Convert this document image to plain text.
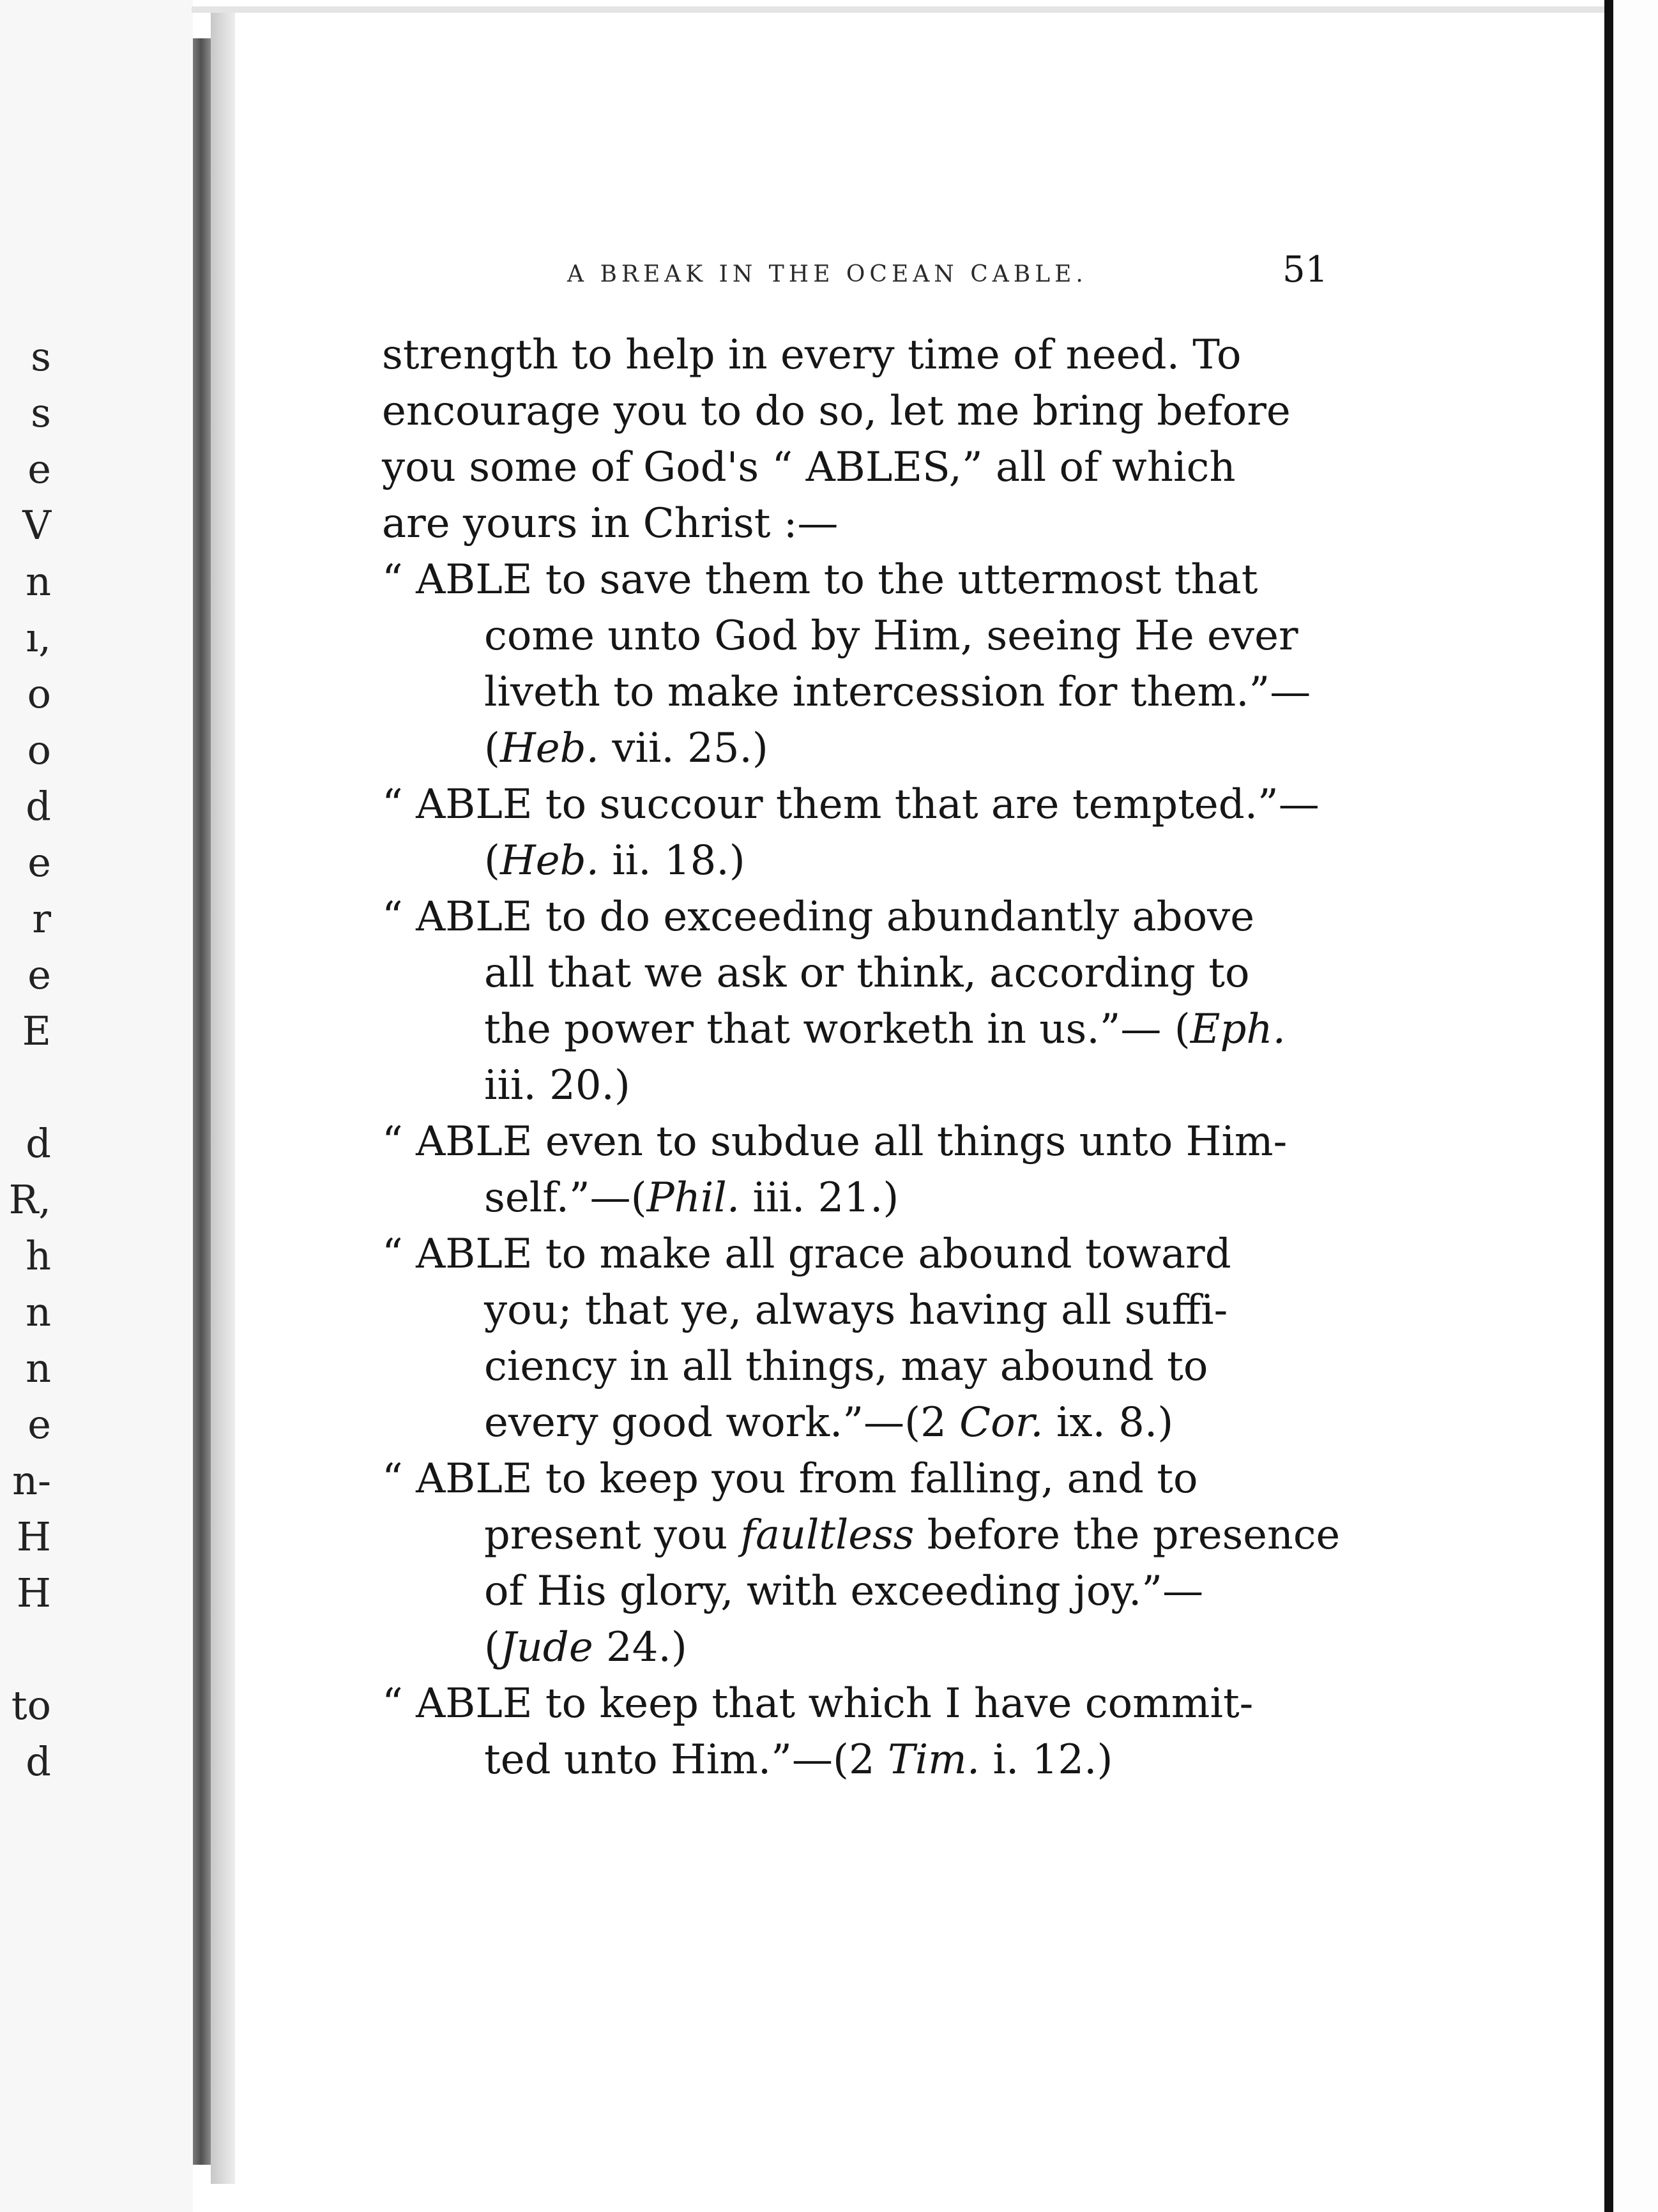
s
s
e
V
n
ı,
o
o
d
e
r
e
E
d
R,
h
n
n
e
n-
H
H
to
d
A BREAK IN THE OCEAN CABLE.	51
strength to help in every time of need. To
encourage you to do so, let me bring before
you some of God's “ ABLES,” all of which
are yours in Christ :—
“ ABLE to save them to the uttermost that
come unto God by Him, seeing He ever
liveth to make intercession for them.”—
(Heb. vii. 25.)
“ ABLE to succour them that are tempted.”—
(Heb. ii. 18.)
“ ABLE to do exceeding abundantly above
all that we ask or think, according to
the power that worketh in us.”— (Eph.
iii. 20.)
“ ABLE even to subdue all things unto Him-
self.”—(Phil. iii. 21.)
“ ABLE to make all grace abound toward
you; that ye, always having all suffi-
ciency in all things, may abound to
every good work.”—(2 Cor. ix. 8.)
“ ABLE to keep you from falling, and to
present you faultless before the presence
of His glory, with exceeding joy.”—
(Jude 24.)
“ ABLE to keep that which I have commit-
ted unto Him.”—(2 Tim. i. 12.)
